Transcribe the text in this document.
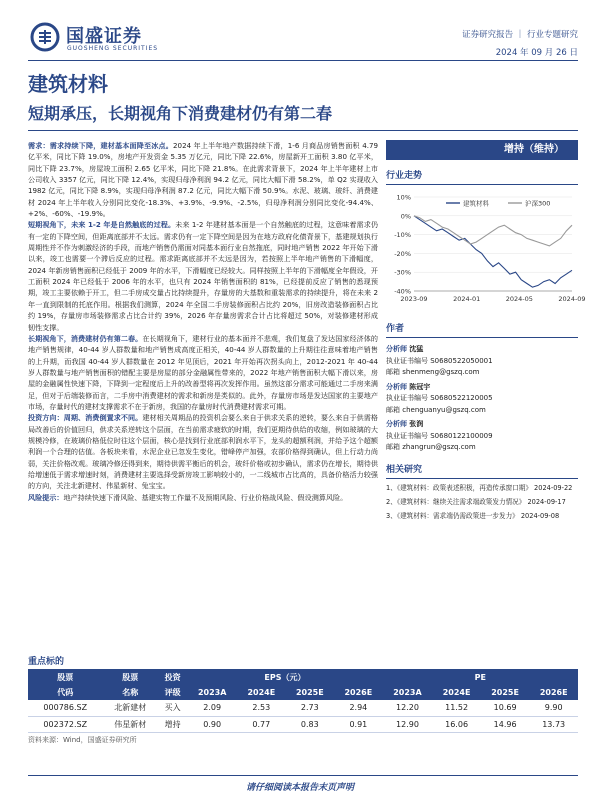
国盛证券
GUOSHENG SECURITIES
证券研究报告 ｜ 行业专题研究
2024 年 09 月 26 日
建筑材料
短期承压，长期视角下消费建材仍有第二春

需求：需求持续下降，建材基本面降至冰点。2024 年上半年地产数据持续下滑，1-6 月商品房销售面积 4.79 亿平米，同比下降 19.0%，房地产开发资金 5.35 万亿元，同比下降 22.6%，房屋新开工面积 3.80 亿平米，同比下降 23.7%，房屋竣工面积 2.65 亿平米，同比下降 21.8%。在此需求背景下，2024 年上半年建材上市公司收入 3357 亿元，同比下降 12.4%，实现归母净利润 94.2 亿元，同比大幅下滑 58.2%，单 Q2 实现收入 1982 亿元，同比下降 8.9%，实现归母净利润 87.2 亿元，同比大幅下滑 50.9%。水泥、玻璃、玻纤、消费建材 2024 年上半年收入分别同比变化-18.3%、+3.9%、-9.9%、-2.5%，归母净利润分别同比变化-94.4%、+2%、-60%、-19.9%。

短期视角下，未来 1-2 年是自然触底的过程。未来 1-2 年建材基本面是一个自然触底的过程，这意味着需求仍有一定的下降空间，但距离底部并不太远。需求仍有一定下降空间是因为在地方政府化债背景下，基建规划执行周期性并不作为刺激经济的手段，而地产销售仍需面对同基本面行业自然拖底，同时地产销售 2022 年开始下滑以来，竣工也需要一个滞后反应的过程。需求距离底部并不太远是因为，若按照上半年地产销售的下滑幅度，2024 年新房销售面积已经低于 2009 年的水平，下滑幅度已经较大。同样按照上半年的下滑幅度全年假设，开工面积 2024 年已经低于 2006 年的水平，也只有 2024 年销售面积的 81%，已经提前反应了销售的悉现预期，竣工主要依赖于开工，但二手房成交量占比持续提升，存量房的大基数和重装需求的持续提升，将在未来 2 年一直到限制的托底作用。根据我们测算，2024 年全国二手房装修面积占比约 20%，旧房改造装修面积占比约 19%，存量房市场装修需求占比合计约 39%，2026 年存量房需求合计占比将超过 50%，对装修建材形成韧性支撑。

长期视角下，消费建材仍有第二春。在长期视角下，建材行业的基本面并不悲观，我们复盘了发达国家经济体的地产销售规律，40-44 岁人群数量和地产销售成高度正相关，40-44 岁人群数量的上升期往往意味着地产销售的上升期，而我国 40-44 岁人群数量在 2012 年见顶后，2021 年开始再次拐头向上，2012-2021 年 40-44 岁人群数量与地产销售面积的错配主要是房屋的部分金融属性带来的，2022 年地产销售面积大幅下滑以来，房屋的金融属性快速下降，下降到一定程度后上升的改善型将再次发挥作用。虽然这部分需求可能通过二手房来满足，但对于后端装修而言，二手房中消费建材的需求和新房是类似的。此外，存量房市场是发达国家的主要地产市场，存量时代的建材支撑需求不在于新房，我国的存量房时代消费建材需求可期。

投资方向：周期、消费倒置求不同。建材相关周期品的投资机会要么来自于供求关系的逆转，要么来自于供需格局改善后的价值回归，供求关系逆转这个层面，在当前需求疲软的时期，我们更期待供给的收缩，例如玻璃的大规模冷修，在玻璃价格低位时往这个层面，核心是找到行业底部利润水平下，龙头的超额利润，并给予这个超额利润一个合理的估值。各板块来看，水泥企业已忽发生变化，错峰停产加强，农部价格得到确认，但上行动力尚弱，关注价格改观。玻璃冷修还得到来，期待供需平衡后的机会，玻纤价格或初步确认，需求仍在增长，期待供给增速低于需求增速时刻，消费建材主要选择受新房竣工影响较小的，一二线城市占比高的，具备价格活力较强的方向，关注北新建材、伟星新材、兔宝宝。

风险提示：地产持续快速下滑风险、基建实物工作量不及预期风险、行业价格战风险、假设测算风险。

增持（维持）
行业走势
10%
0%
-10%
-20%
-30%
-40%
2023-09	2024-01	2024-05	2024-09
建筑材料	沪深300
作者
分析师 沈猛
执业证书编号 S0680522050001
邮箱 shenmeng@gszq.com
分析师 陈冠宇
执业证书编号 S0680522120005
邮箱 chenguanyu@gszq.com
分析师 张润
执业证书编号 S0680122100009
邮箱 zhangrun@gszq.com
相关研究
1、《建筑材料：政策表述积极，再造传承窗口期》 2024-09-22
2、《建筑材料：继续关注需求端政策发力情况》 2024-09-17
3、《建筑材料：需求端仍需政策进一步发力》 2024-09-08
重点标的
股票	股票	投资	EPS（元）				PE			
代码	名称	评级	2023A	2024E	2025E	2026E	2023A	2024E	2025E	2026E
000786.SZ	北新建材	买入	2.09	2.53	2.73	2.94	12.20	11.52	10.69	9.90
002372.SZ	伟星新材	增持	0.90	0.77	0.83	0.91	12.90	16.06	14.96	13.73
资料来源：Wind，国盛证券研究所
请仔细阅读本报告末页声明
